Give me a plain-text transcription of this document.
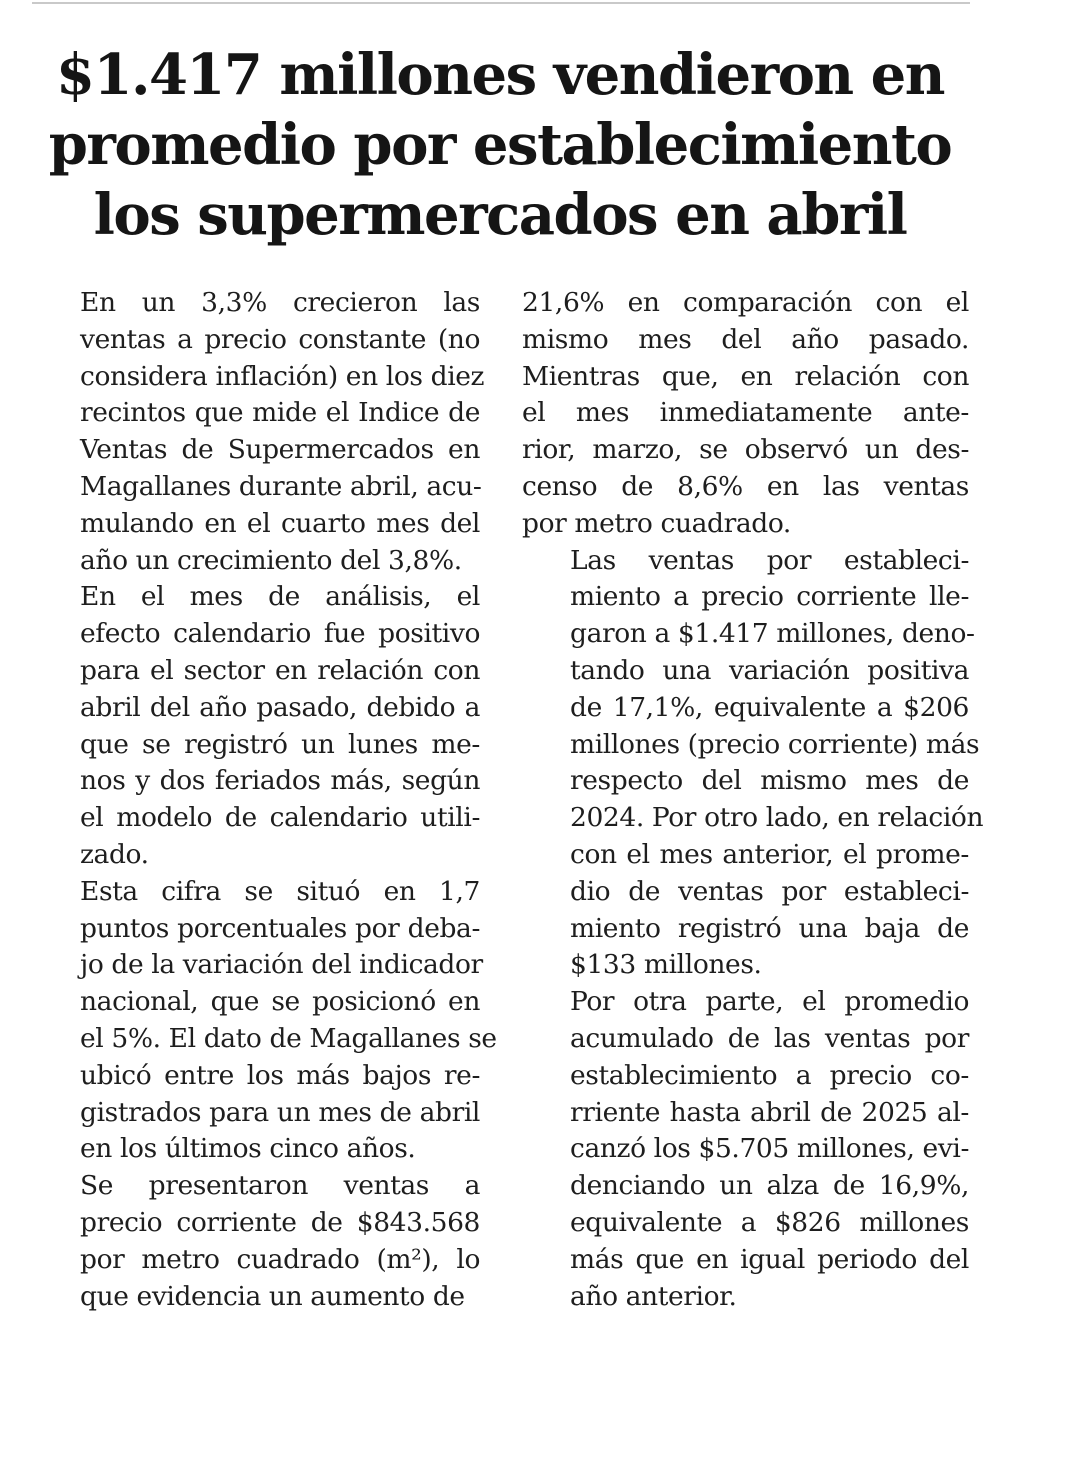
$1.417 millones vendieron en
promedio por establecimiento
los supermercados en abril

En un 3,3% crecieron las
ventas a precio constante (no
considera inflación) en los diez
recintos que mide el Indice de
Ventas de Supermercados en
Magallanes durante abril, acu-
mulando en el cuarto mes del
año un crecimiento del 3,8%.

En el mes de análisis, el
efecto calendario fue positivo
para el sector en relación con
abril del año pasado, debido a
que se registró un lunes me-
nos y dos feriados más, según
el modelo de calendario utili-
zado.

Esta cifra se situó en 1,7
puntos porcentuales por deba-
jo de la variación del indicador
nacional, que se posicionó en
el 5%. El dato de Magallanes se
ubicó entre los más bajos re-
gistrados para un mes de abril
en los últimos cinco años.

Se presentaron ventas a
precio corriente de $843.568
por metro cuadrado (m²), lo
que evidencia un aumento de

21,6% en comparación con el
mismo mes del año pasado.
Mientras que, en relación con
el mes inmediatamente ante-
rior, marzo, se observó un des-
censo de 8,6% en las ventas
por metro cuadrado.

Las ventas por estableci-
miento a precio corriente lle-
garon a $1.417 millones, deno-
tando una variación positiva
de 17,1%, equivalente a $206
millones (precio corriente) más
respecto del mismo mes de
2024. Por otro lado, en relación
con el mes anterior, el prome-
dio de ventas por estableci-
miento registró una baja de
$133 millones.

Por otra parte, el promedio
acumulado de las ventas por
establecimiento a precio co-
rriente hasta abril de 2025 al-
canzó los $5.705 millones, evi-
denciando un alza de 16,9%,
equivalente a $826 millones
más que en igual periodo del
año anterior.
